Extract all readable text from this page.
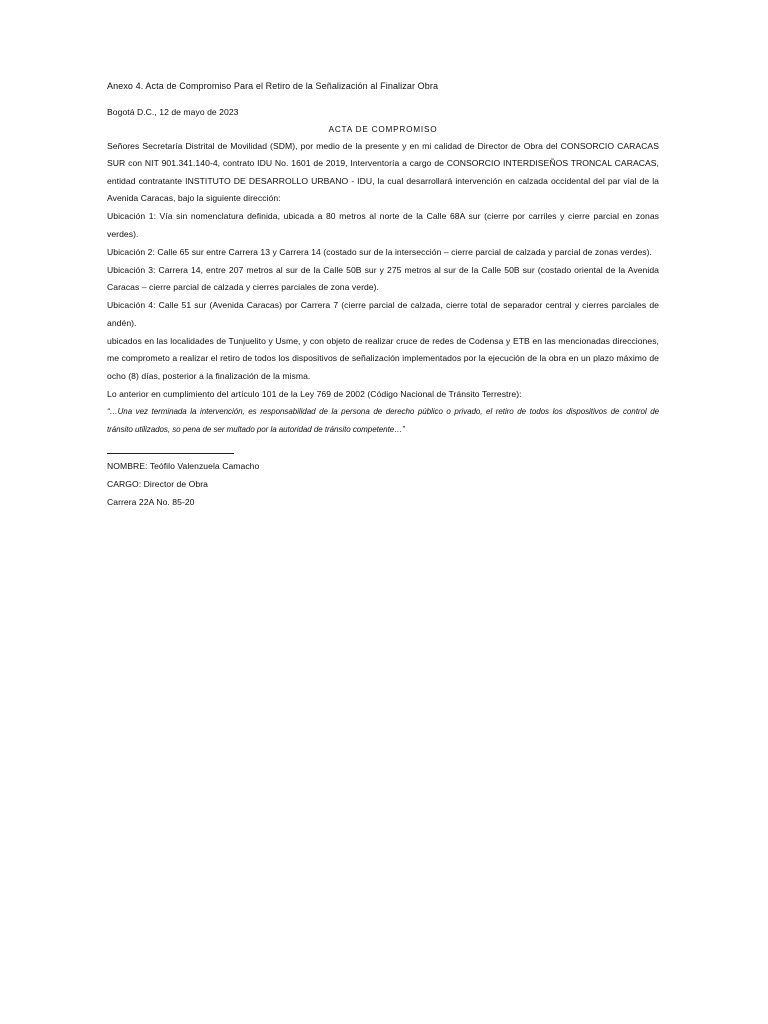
Anexo 4. Acta de Compromiso Para el Retiro de la Señalización al Finalizar Obra
Bogotá D.C., 12 de mayo de 2023
ACTA DE COMPROMISO
Señores Secretaría Distrital de Movilidad (SDM), por medio de la presente y en mi calidad de Director de Obra del CONSORCIO CARACAS
SUR con NIT 901.341.140-4, contrato IDU No. 1601 de 2019, Interventoría a cargo de CONSORCIO INTERDISEÑOS TRONCAL CARACAS,
entidad contratante INSTITUTO DE DESARROLLO URBANO - IDU, la cual desarrollará intervención en calzada occidental del par vial de la
Avenida Caracas, bajo la siguiente dirección:
Ubicación 1: Vía sin nomenclatura definida, ubicada a 80 metros al norte de la Calle 68A sur (cierre por carriles y cierre parcial en zonas
verdes).
Ubicación 2: Calle 65 sur entre Carrera 13 y Carrera 14 (costado sur de la intersección – cierre parcial de calzada y parcial de zonas verdes).
Ubicación 3: Carrera 14, entre 207 metros al sur de la Calle 50B sur y 275 metros al sur de la Calle 50B sur (costado oriental de la Avenida
Caracas – cierre parcial de calzada y cierres parciales de zona verde).
Ubicación 4: Calle 51 sur (Avenida Caracas) por Carrera 7 (cierre parcial de calzada, cierre total de separador central y cierres parciales de
andén).
ubicados en las localidades de Tunjuelito y Usme, y con objeto de realizar cruce de redes de Codensa y ETB en las mencionadas direcciones,
me comprometo a realizar el retiro de todos los dispositivos de señalización implementados por la ejecución de la obra en un plazo máximo de
ocho (8) días, posterior a la finalización de la misma.
Lo anterior en cumplimiento del artículo 101 de la Ley 769 de 2002 (Código Nacional de Tránsito Terrestre):
“…Una vez terminada la intervención, es responsabilidad de la persona de derecho público o privado, el retiro de todos los dispositivos de control de
tránsito utilizados, so pena de ser multado por la autoridad de tránsito competente…”
NOMBRE: Teófilo Valenzuela Camacho
CARGO: Director de Obra
Carrera 22A No. 85-20
